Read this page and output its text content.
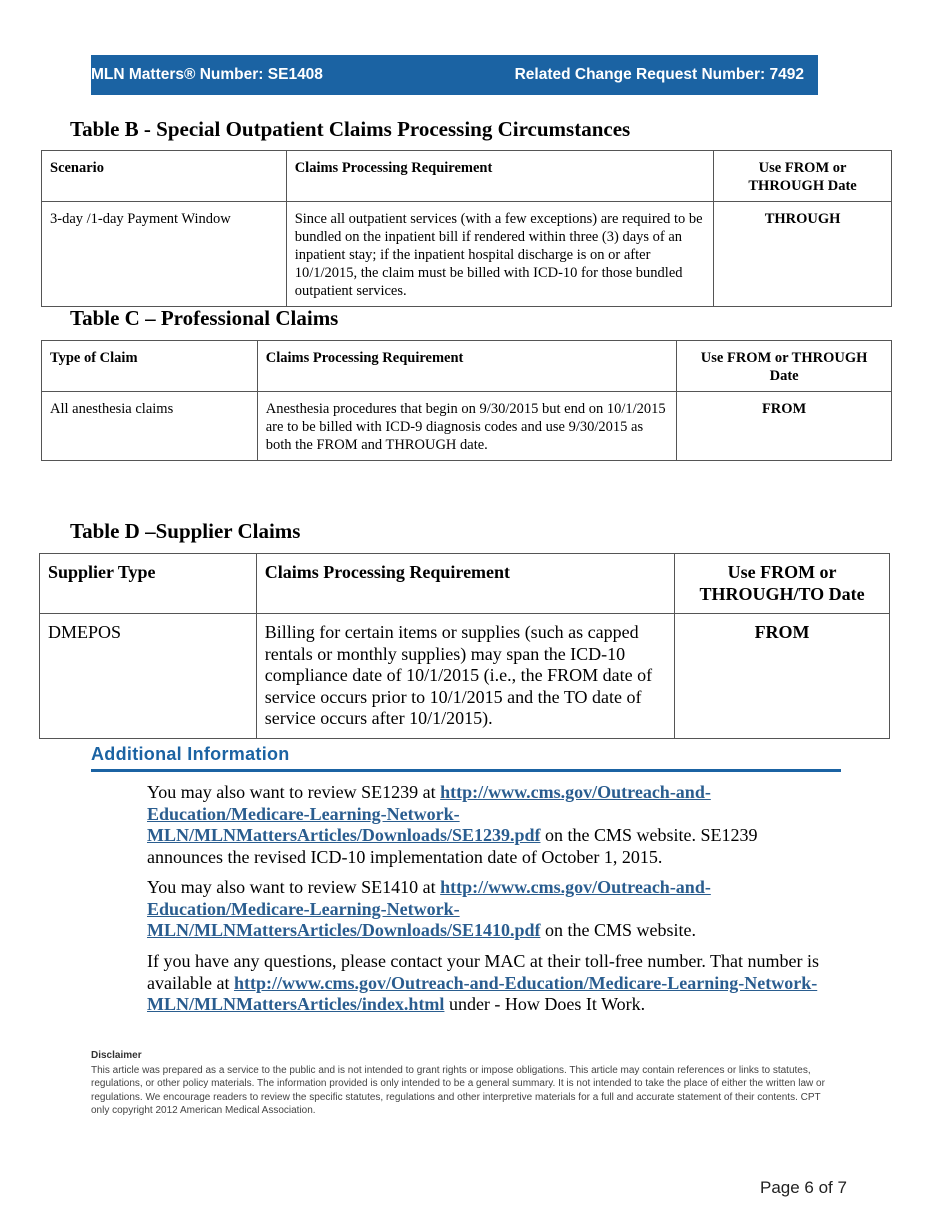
MLN Matters® Number: SE1408	Related Change Request Number: 7492
Table B - Special Outpatient Claims Processing Circumstances
Scenario	Claims Processing Requirement	Use FROM or THROUGH Date
3-day /1-day Payment Window	Since all outpatient services (with a few exceptions) are required to be bundled on the inpatient bill if rendered within three (3) days of an inpatient stay; if the inpatient hospital discharge is on or after 10/1/2015, the claim must be billed with ICD-10 for those bundled outpatient services.	THROUGH
Table C – Professional Claims
Type of Claim	Claims Processing Requirement	Use FROM or THROUGH Date
All anesthesia claims	Anesthesia procedures that begin on 9/30/2015 but end on 10/1/2015 are to be billed with ICD-9 diagnosis codes and use 9/30/2015 as both the FROM and THROUGH date.	FROM
Table D –Supplier Claims
Supplier Type	Claims Processing Requirement	Use FROM or THROUGH/TO Date
DMEPOS	Billing for certain items or supplies (such as capped rentals or monthly supplies) may span the ICD-10 compliance date of 10/1/2015 (i.e., the FROM date of service occurs prior to 10/1/2015 and the TO date of service occurs after 10/1/2015).	FROM
Additional Information

You may also want to review SE1239 at http://www.cms.gov/Outreach-and-Education/Medicare-Learning-Network-MLN/MLNMattersArticles/Downloads/SE1239.pdf on the CMS website. SE1239 announces the revised ICD-10 implementation date of October 1, 2015.

You may also want to review SE1410 at http://www.cms.gov/Outreach-and-Education/Medicare-Learning-Network-MLN/MLNMattersArticles/Downloads/SE1410.pdf on the CMS website.

If you have any questions, please contact your MAC at their toll-free number. That number is available at http://www.cms.gov/Outreach-and-Education/Medicare-Learning-Network-MLN/MLNMattersArticles/index.html under - How Does It Work.

Disclaimer
This article was prepared as a service to the public and is not intended to grant rights or impose obligations. This article may contain references or links to statutes, regulations, or other policy materials. The information provided is only intended to be a general summary. It is not intended to take the place of either the written law or regulations. We encourage readers to review the specific statutes, regulations and other interpretive materials for a full and accurate statement of their contents. CPT only copyright 2012 American Medical Association.
Page 6 of 7
